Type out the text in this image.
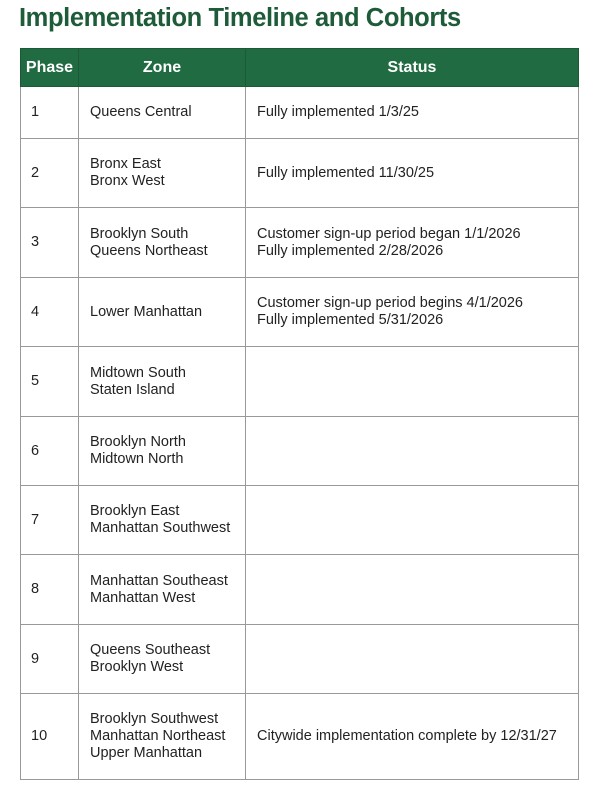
Implementation Timeline and Cohorts
Phase	Zone	Status
1	Queens Central	Fully implemented 1/3/25

2	Bronx East
Bronx West	Fully implemented 11/30/25

3	Brooklyn South
Queens Northeast	Customer sign-up period began 1/1/2026
Fully implemented 2/28/2026

4	Lower Manhattan	Customer sign-up period begins 4/1/2026
Fully implemented 5/31/2026

5	Midtown South
Staten Island	

6	Brooklyn North
Midtown North	

7	Brooklyn East
Manhattan Southwest	

8	Manhattan Southeast
Manhattan West	

9	Queens Southeast
Brooklyn West	

10	Brooklyn Southwest
Manhattan Northeast
Upper Manhattan	Citywide implementation complete by 12/31/27
